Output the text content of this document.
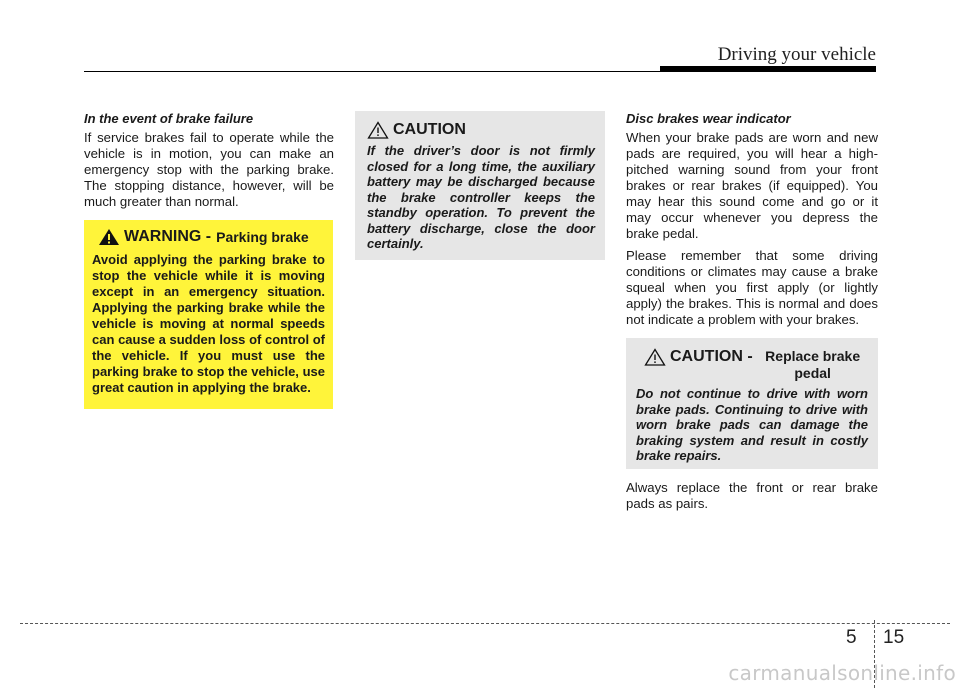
Driving your vehicle

In the event of brake failure

If service brakes fail to operate while the vehicle is in motion, you can make an emergency stop with the parking brake. The stopping distance, however, will be much greater than normal.

WARNING - Parking brake
Avoid applying the parking brake to stop the vehicle while it is moving except in an emergency situation. Applying the parking brake while the vehicle is moving at normal speeds can cause a sudden loss of control of the vehicle. If you must use the parking brake to stop the vehicle, use great caution in applying the brake.
CAUTION
If the driver’s door is not firmly closed for a long time, the auxiliary battery may be discharged because the brake controller keeps the standby operation. To prevent the battery discharge, close the door certainly.

Disc brakes wear indicator

When your brake pads are worn and new pads are required, you will hear a high-pitched warning sound from your front brakes or rear brakes (if equipped). You may hear this sound come and go or it may occur whenever you depress the brake pedal.

Please remember that some driving conditions or climates may cause a brake squeal when you first apply (or lightly apply) the brakes. This is normal and does not indicate a problem with your brakes.

CAUTION - Replace brake pedal
Do not continue to drive with worn brake pads. Continuing to drive with worn brake pads can damage the braking system and result in costly brake repairs.

Always replace the front or rear brake pads as pairs.

5 15
carmanualsonline.info
